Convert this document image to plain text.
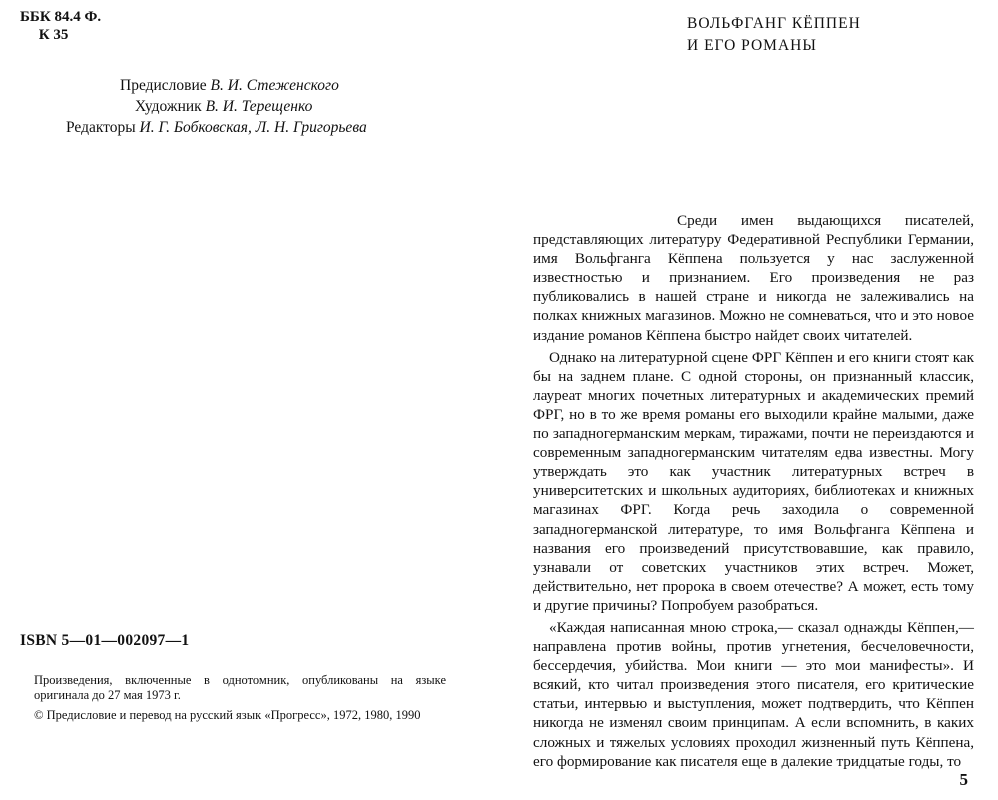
ББК 84.4 Ф.
К 35
Предисловие В. И. Стеженского
Художник В. И. Терещенко
Редакторы И. Г. Бобковская, Л. Н. Григорьева
ISBN 5—01—002097—1
Произведения, включенные в однотомник, опубликованы на языке оригинала до 27 мая 1973 г.
© Предисловие и перевод на русский язык «Прогресс», 1972, 1980, 1990
ВОЛЬФГАНГ КЁППЕН
И ЕГО РОМАНЫ

Среди имен выдающихся писателей, представляющих литературу Федеративной Республики Германии, имя Вольфганга Кёппена пользуется у нас заслуженной известностью и признанием. Его произведения не раз публиковались в нашей стране и никогда не залеживались на полках книжных магазинов. Можно не сомневаться, что и это новое издание романов Кёппена быстро найдет своих читателей.

Однако на литературной сцене ФРГ Кёппен и его книги стоят как бы на заднем плане. С одной стороны, он признанный классик, лауреат многих почетных литературных и академических премий ФРГ, но в то же время романы его выходили крайне малыми, даже по западногерманским меркам, тиражами, почти не переиздаются и современным западногерманским читателям едва известны. Могу утверждать это как участник литературных встреч в университетских и школьных аудиториях, библиотеках и книжных магазинах ФРГ. Когда речь заходила о современной западногерманской литературе, то имя Вольфганга Кёппена и названия его произведений присутствовавшие, как правило, узнавали от советских участников этих встреч. Может, действительно, нет пророка в своем отечестве? А может, есть тому и другие причины? Попробуем разобраться.

«Каждая написанная мною строка,— сказал однажды Кёппен,— направлена против войны, против угнетения, бесчеловечности, бессердечия, убийства. Мои книги — это мои манифесты». И всякий, кто читал произведения этого писателя, его критические статьи, интервью и выступления, может подтвердить, что Кёппен никогда не изменял своим принципам. А если вспомнить, в каких сложных и тяжелых условиях проходил жизненный путь Кёппена, его формирование как писателя еще в далекие тридцатые годы, то

5
